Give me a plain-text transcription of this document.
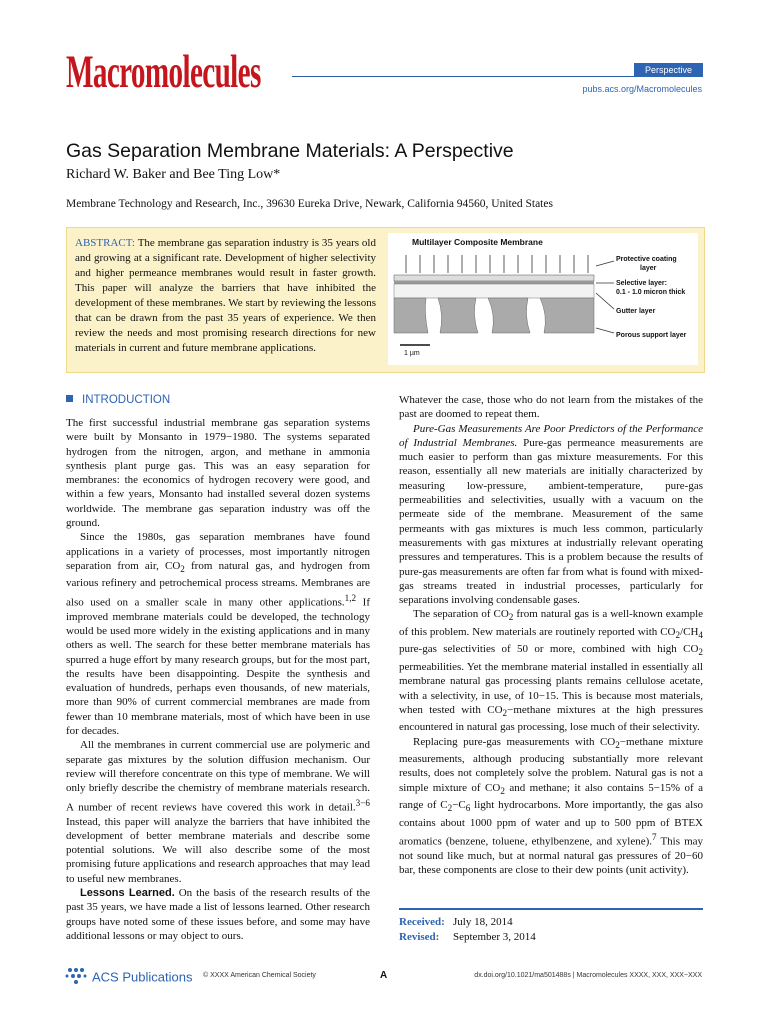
Macromolecules	Perspective
pubs.acs.org/Macromolecules
Gas Separation Membrane Materials: A Perspective
Richard W. Baker and Bee Ting Low*
Membrane Technology and Research, Inc., 39630 Eureka Drive, Newark, California 94560, United States
ABSTRACT: The membrane gas separation industry is 35 years old and growing at a significant rate. Development of higher selectivity and higher permeance membranes would result in faster growth. This paper will analyze the barriers that have inhibited the development of these membranes. We start by reviewing the lessons that can be drawn from the past 35 years of experience. We then review the needs and most promising research directions for new materials in current and future membrane applications.
Multilayer Composite Membrane
Protective coating
layer
Selective layer:
0.1 - 1.0 micron thick
Gutter layer
Porous support layer
1 µm
INTRODUCTION

The first successful industrial membrane gas separation systems were built by Monsanto in 1979−1980. The systems separated hydrogen from the nitrogen, argon, and methane in ammonia synthesis plant purge gas. This was an easy separation for membranes: the economics of hydrogen recovery were good, and within a few years, Monsanto had installed several dozen systems worldwide. The membrane gas separation industry was off the ground.

Since the 1980s, gas separation membranes have found applications in a variety of processes, most importantly nitrogen separation from air, $CO_2$ from natural gas, and hydrogen from various refinery and petrochemical process streams. Membranes are also used on a smaller scale in many other applications.$^{1,2}$ If improved membrane materials could be developed, the technology would be used more widely in the existing applications and in many others as well. The search for these better membrane materials has spurred a huge effort by many research groups, but for the most part, the results have been disappointing. Despite the synthesis and evaluation of hundreds, perhaps even thousands, of new materials, more than 90% of current commercial membranes are made from fewer than 10 membrane materials, most of which have been in use for decades.

All the membranes in current commercial use are polymeric and separate gas mixtures by the solution diffusion mechanism. Our review will therefore concentrate on this type of membrane. We will only briefly describe the chemistry of membrane materials research. A number of recent reviews have covered this work in detail.$^{3-6}$ Instead, this paper will analyze the barriers that have inhibited the development of better membrane materials and describe some potential solutions. We will also describe some of the most promising future applications and research approaches that may lead to useful new membranes.

Lessons Learned. On the basis of the research results of the past 35 years, we have made a list of lessons learned. Other research groups have noted some of these issues before, and some may have additional lessons or may object to ours.

Whatever the case, those who do not learn from the mistakes of the past are doomed to repeat them.

Pure-Gas Measurements Are Poor Predictors of the Performance of Industrial Membranes. Pure-gas permeance measurements are much easier to perform than gas mixture measurements. For this reason, essentially all new materials are initially characterized by measuring low-pressure, ambient-temperature, pure-gas permeabilities and selectivities, usually with a vacuum on the permeate side of the membrane. Measurement of the same permeants with gas mixtures is much less common, particularly measurements with gas mixtures at industrially relevant operating pressures and temperatures. This is a problem because the results of pure-gas measurements are often far from what is found with mixed-gas streams treated in industrial processes, particularly for separations involving condensable gases.

The separation of $CO_2$ from natural gas is a well-known example of this problem. New materials are routinely reported with $CO_2/CH_4$ pure-gas selectivities of 50 or more, combined with high $CO_2$ permeabilities. Yet the membrane material installed in essentially all membrane natural gas processing plants remains cellulose acetate, with a selectivity, in use, of 10−15. This is because most materials, when tested with $CO_2-methane$ mixtures at the high pressures encountered in natural gas processing, lose much of their selectivity.

Replacing pure-gas measurements with $CO_2-methane$ mixture measurements, although producing substantially more relevant results, does not completely solve the problem. Natural gas is not a simple mixture of $CO_2$ and methane; it also contains 5−15% of a range of $C_2-C_6$ light hydrocarbons. More importantly, the gas also contains about 1000 ppm of water and up to 500 ppm of BTEX aromatics (benzene, toluene, ethylbenzene, and xylene).$^7$ This may not sound like much, but at normal natural gas pressures of 20−60 bar, these components are close to their dew points (unit activity).

Received: July 18, 2014
Revised: September 3, 2014
ACS Publications © XXXX American Chemical Society	A	dx.doi.org/10.1021/ma501488s | Macromolecules XXXX, XXX, XXX−XXX
